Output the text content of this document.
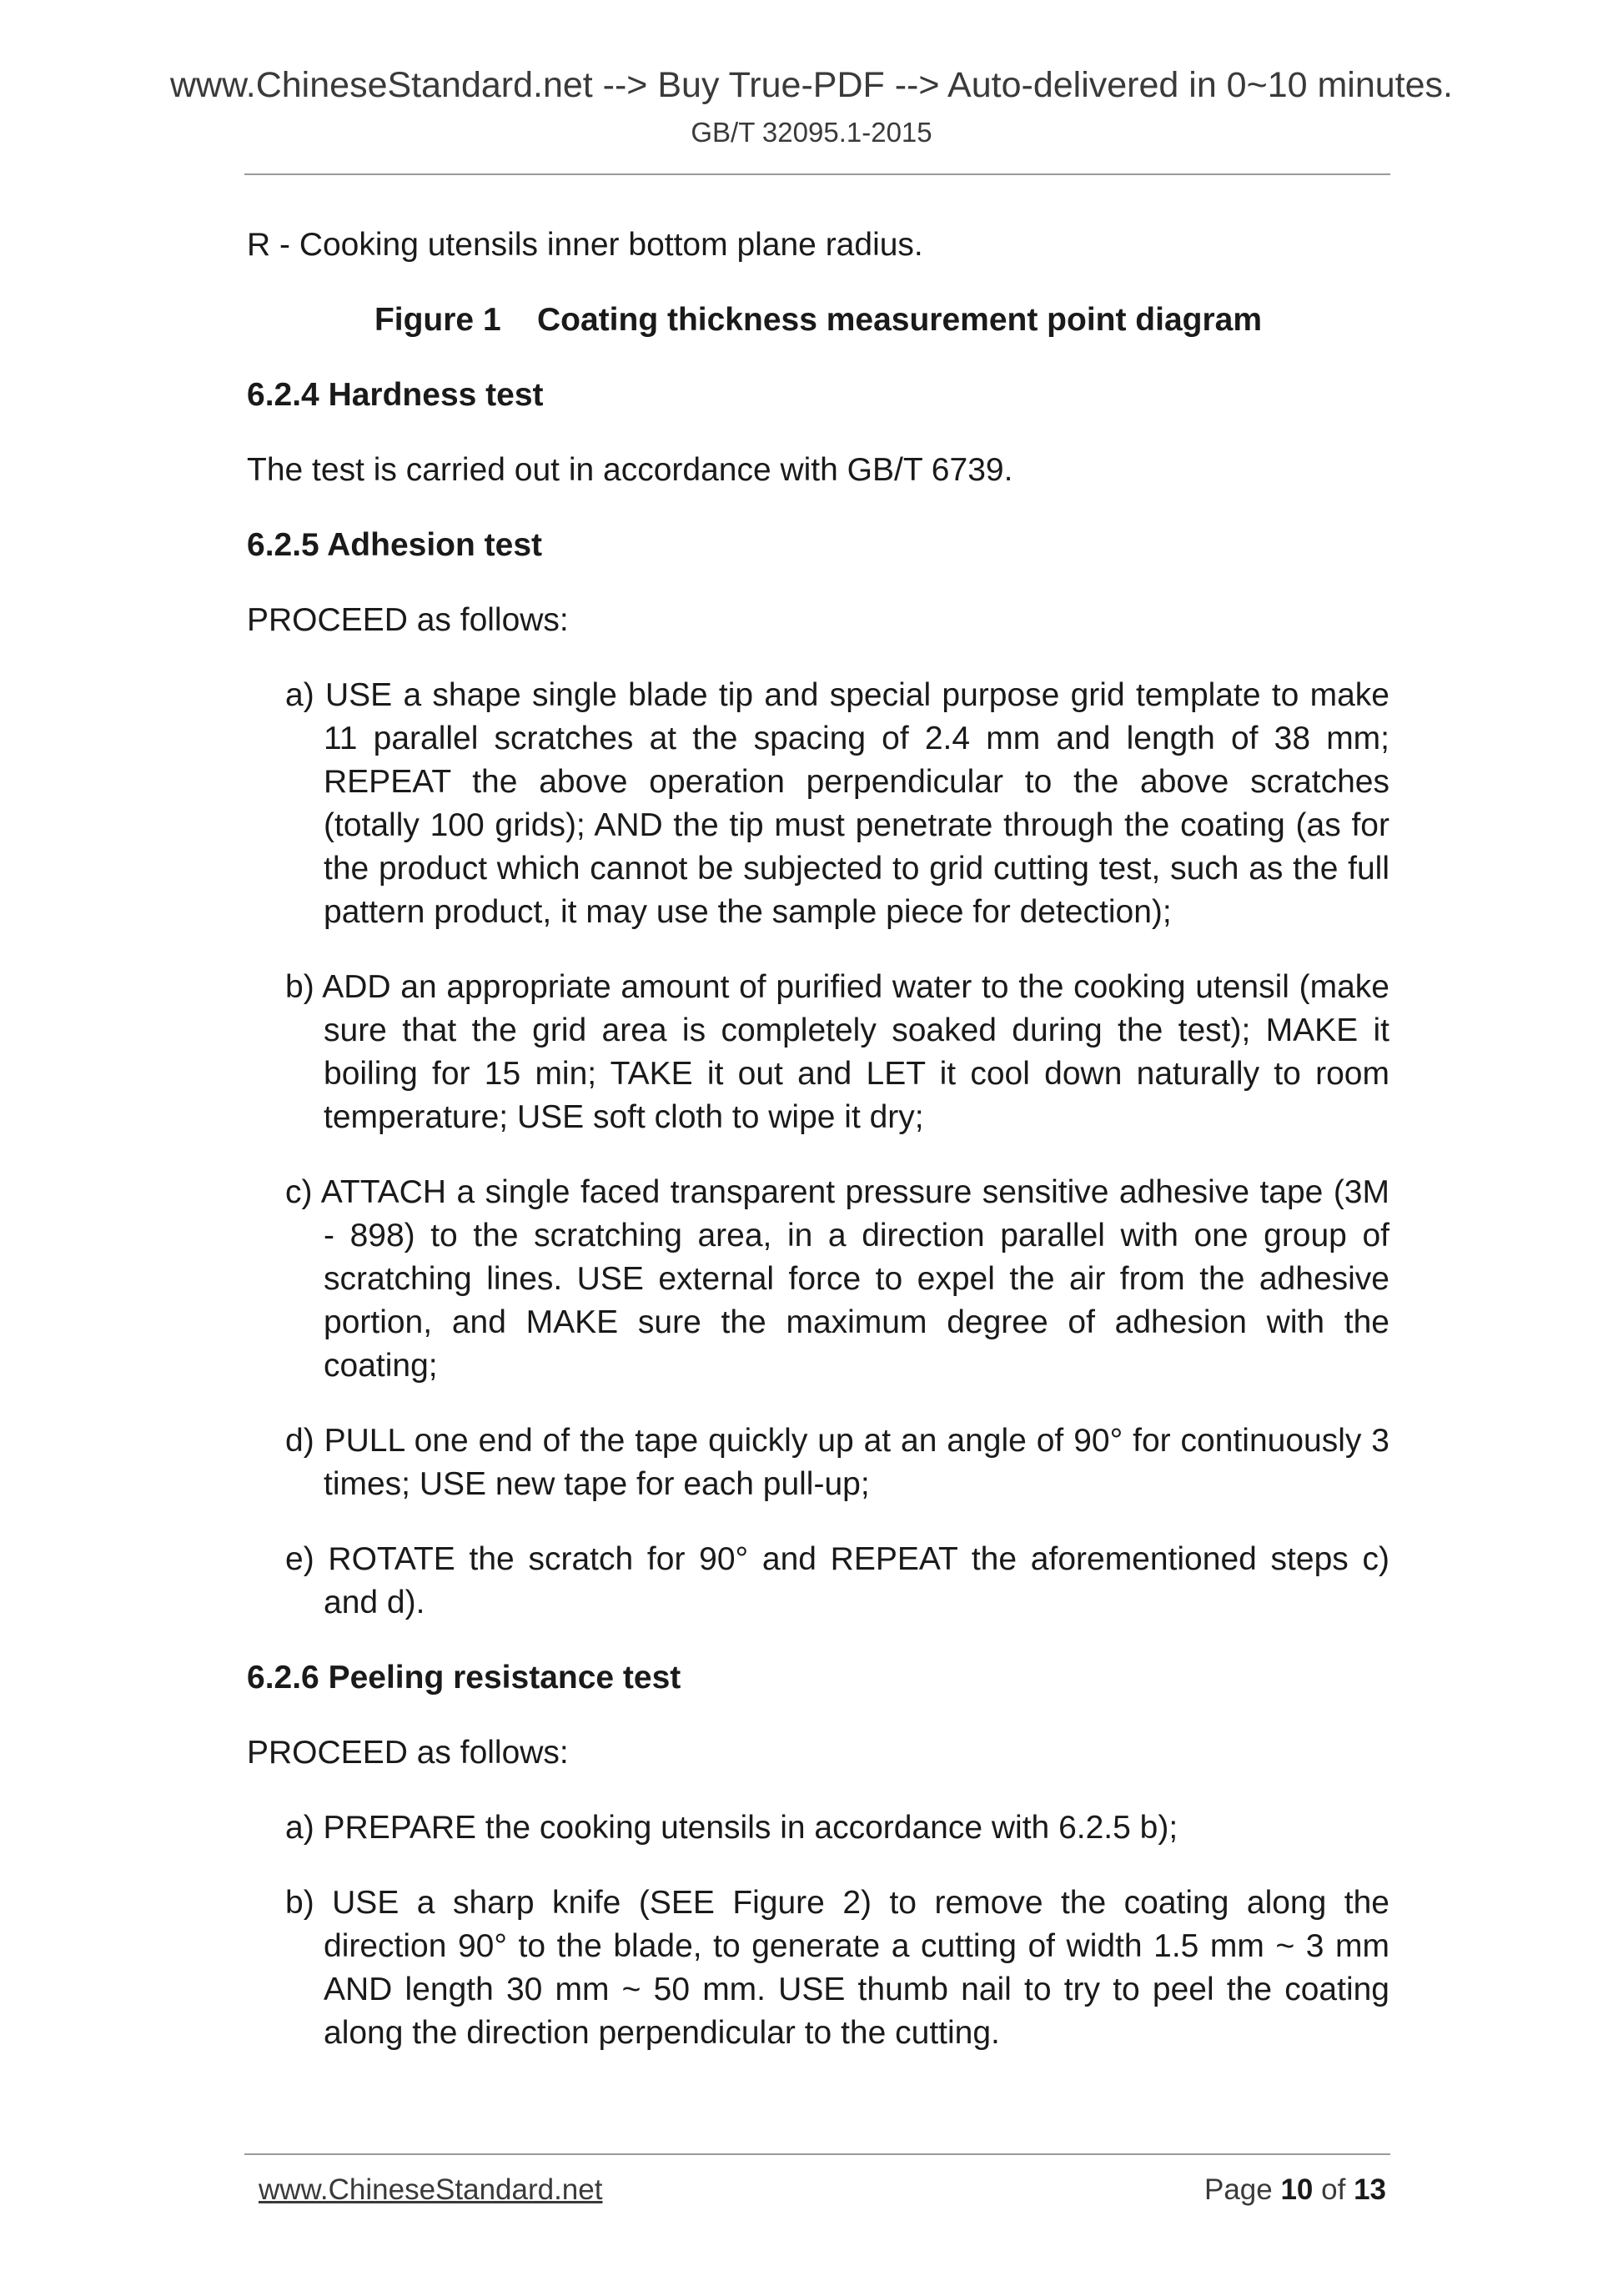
www.ChineseStandard.net --> Buy True-PDF --> Auto-delivered in 0~10 minutes.
GB/T 32095.1-2015

R - Cooking utensils inner bottom plane radius.

Figure 1    Coating thickness measurement point diagram

6.2.4 Hardness test

The test is carried out in accordance with GB/T 6739.

6.2.5 Adhesion test

PROCEED as follows:

a) USE a shape single blade tip and special purpose grid template to make 11 parallel scratches at the spacing of 2.4 mm and length of 38 mm; REPEAT the above operation perpendicular to the above scratches (totally 100 grids); AND the tip must penetrate through the coating (as for the product which cannot be subjected to grid cutting test, such as the full pattern product, it may use the sample piece for detection);

b) ADD an appropriate amount of purified water to the cooking utensil (make sure that the grid area is completely soaked during the test); MAKE it boiling for 15 min; TAKE it out and LET it cool down naturally to room temperature; USE soft cloth to wipe it dry;

c) ATTACH a single faced transparent pressure sensitive adhesive tape (3M - 898) to the scratching area, in a direction parallel with one group of scratching lines. USE external force to expel the air from the adhesive portion, and MAKE sure the maximum degree of adhesion with the coating;

d) PULL one end of the tape quickly up at an angle of 90° for continuously 3 times; USE new tape for each pull-up;

e) ROTATE the scratch for 90° and REPEAT the aforementioned steps c) and d).

6.2.6 Peeling resistance test

PROCEED as follows:

a) PREPARE the cooking utensils in accordance with 6.2.5 b);

b) USE a sharp knife (SEE Figure 2) to remove the coating along the direction 90° to the blade, to generate a cutting of width 1.5 mm ~ 3 mm AND length 30 mm ~ 50 mm. USE thumb nail to try to peel the coating along the direction perpendicular to the cutting.

www.ChineseStandard.net	Page 10 of 13
